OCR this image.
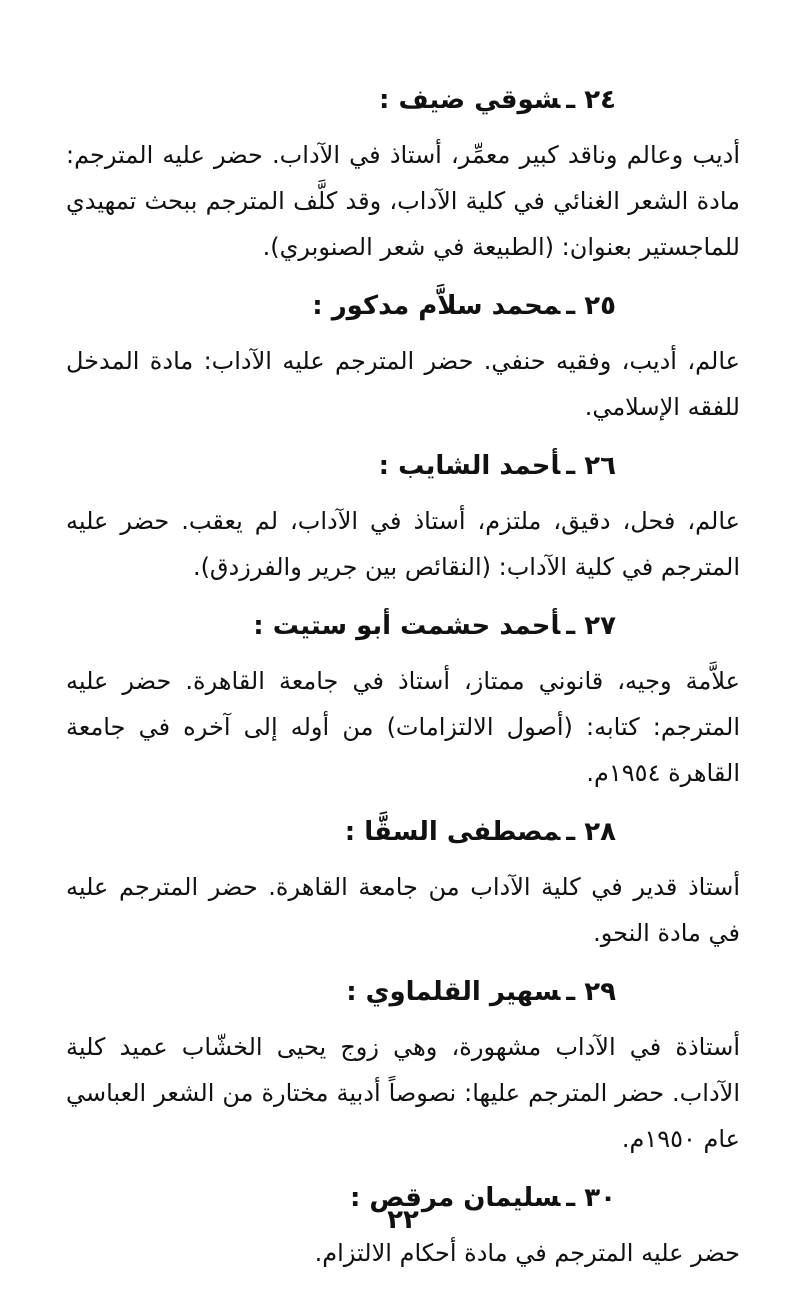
٢٤ ـشوقي ضيف :

أديب وعالم وناقد كبير معمِّر، أستاذ في الآداب. حضر عليه المترجم: مادة الشعر الغنائي في كلية الآداب، وقد كلَّف المترجم ببحث تمهيدي للماجستير بعنوان: (الطبيعة في شعر الصنوبري).

٢٥ ـمحمد سلاَّم مدكور :

عالم، أديب، وفقيه حنفي. حضر المترجم عليه الآداب: مادة المدخل للفقه الإسلامي.

٢٦ ـأحمد الشايب :

عالم، فحل، دقيق، ملتزم، أستاذ في الآداب، لم يعقب. حضر عليه المترجم في كلية الآداب: (النقائص بين جرير والفرزدق).

٢٧ ـأحمد حشمت أبو ستيت :

علاَّمة وجيه، قانوني ممتاز، أستاذ في جامعة القاهرة. حضر عليه المترجم: كتابه: (أصول الالتزامات) من أوله إلى آخره في جامعة القاهرة ١٩٥٤م.

٢٨ ـمصطفى السقَّا :

أستاذ قدير في كلية الآداب من جامعة القاهرة. حضر المترجم عليه في مادة النحو.

٢٩ ـسهير القلماوي :

أستاذة في الآداب مشهورة، وهي زوج يحيى الخشّاب عميد كلية الآداب. حضر المترجم عليها: نصوصاً أدبية مختارة من الشعر العباسي عام ١٩٥٠م.

٣٠ ـسليمان مرقص :

حضر عليه المترجم في مادة أحكام الالتزام.

٢٢
